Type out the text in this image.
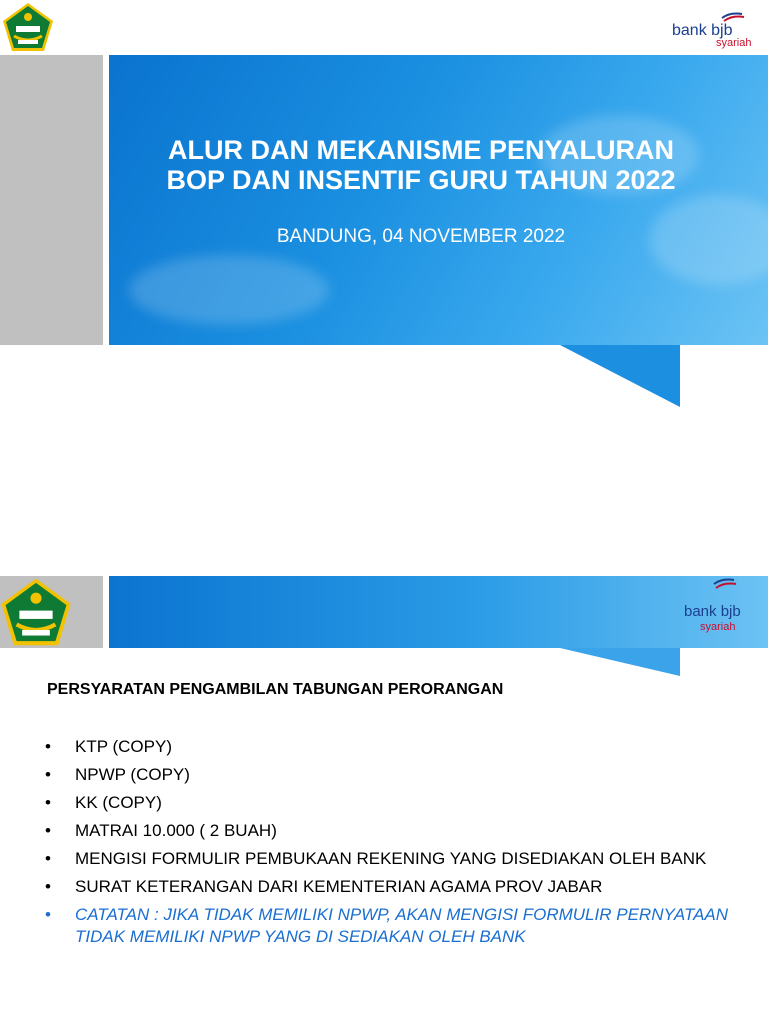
bank bjb
syariah
ALUR DAN MEKANISME PENYALURAN
BOP DAN INSENTIF GURU TAHUN 2022
BANDUNG, 04 NOVEMBER 2022
bank bjb
syariah
PERSYARATAN PENGAMBILAN TABUNGAN PERORANGAN
• KTP (COPY)
• NPWP (COPY)
• KK (COPY)
• MATRAI 10.000 ( 2 BUAH)
• MENGISI FORMULIR PEMBUKAAN REKENING YANG DISEDIAKAN OLEH BANK
• SURAT KETERANGAN DARI KEMENTERIAN AGAMA PROV JABAR
• CATATAN : JIKA TIDAK MEMILIKI NPWP, AKAN MENGISI FORMULIR PERNYATAAN TIDAK MEMILIKI NPWP YANG DI SEDIAKAN OLEH BANK
